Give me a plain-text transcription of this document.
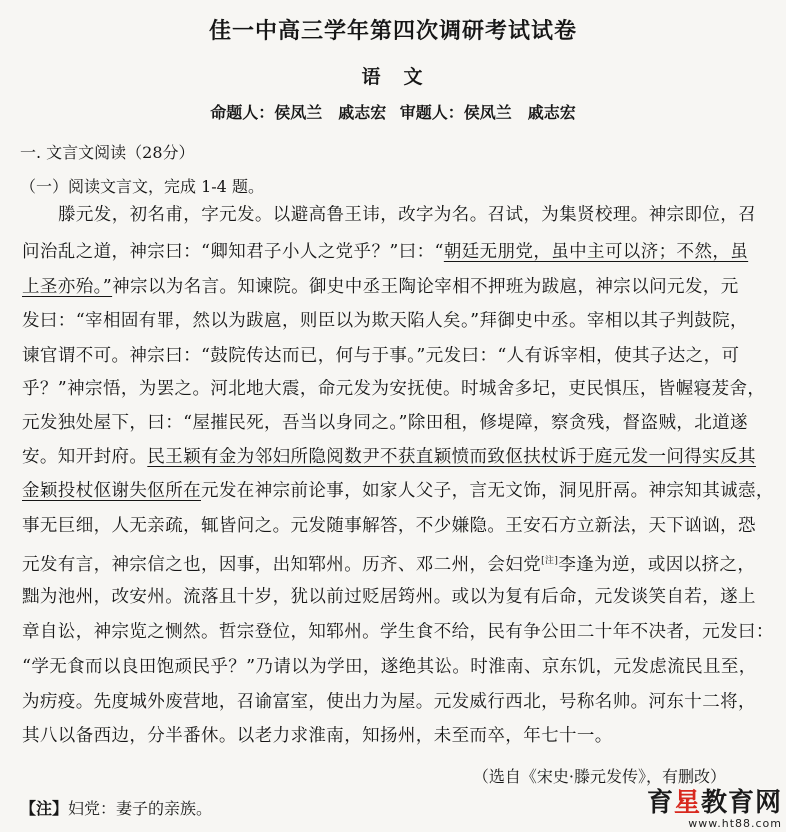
佳一中高三学年第四次调研考试试卷
语　文
命题人：侯凤兰　戚志宏 审题人：侯凤兰　戚志宏
一. 文言文阅读（28分）
（一）阅读文言文，完成 1-4 题。
滕元发，初名甫，字元发。以避高鲁王讳，改字为名。召试，为集贤校理。神宗即位，召
问治乱之道，神宗曰：“卿知君子小人之党乎？”曰：“朝廷无朋党，虽中主可以济；不然，虽
上圣亦殆。”神宗以为名言。知谏院。御史中丞王陶论宰相不押班为跋扈，神宗以问元发，元
发曰：“宰相固有罪，然以为跋扈，则臣以为欺天陷人矣。”拜御史中丞。宰相以其子判鼓院，
谏官谓不可。神宗曰：“鼓院传达而已，何与于事。”元发曰：“人有诉宰相，使其子达之，可
乎？”神宗悟，为罢之。河北地大震，命元发为安抚使。时城舍多圮，吏民惧压，皆幄寝茇舍，
元发独处屋下，曰：“屋摧民死，吾当以身同之。”除田租，修堤障，察贪残，督盗贼，北道遂
安。知开封府。民王颖有金为邻妇所隐阅数尹不获直颖愤而致伛扶杖诉于庭元发一问得实反其
金颖投杖伛谢失伛所在元发在神宗前论事，如家人父子，言无文饰，洞见肝鬲。神宗知其诚悫，
事无巨细，人无亲疏，辄皆问之。元发随事解答，不少嫌隐。王安石方立新法，天下讻讻，恐
元发有言，神宗信之也，因事，出知郓州。历齐、邓二州，会妇党[注]李逢为逆，或因以挤之，
黜为池州，改安州。流落且十岁，犹以前过贬居筠州。或以为复有后命，元发谈笑自若，遂上
章自讼，神宗览之恻然。哲宗登位，知郓州。学生食不给，民有争公田二十年不决者，元发曰：
“学无食而以良田饱顽民乎？”乃请以为学田，遂绝其讼。时淮南、京东饥，元发虑流民且至，
为疠疫。先度城外废营地，召谕富室，使出力为屋。元发威行西北，号称名帅。河东十二将，
其八以备西边，分半番休。以老力求淮南，知扬州，未至而卒，年七十一。
（选自《宋史·滕元发传》，有删改）
【注】妇党：妻子的亲族。	育星教育网
www.ht88.com
